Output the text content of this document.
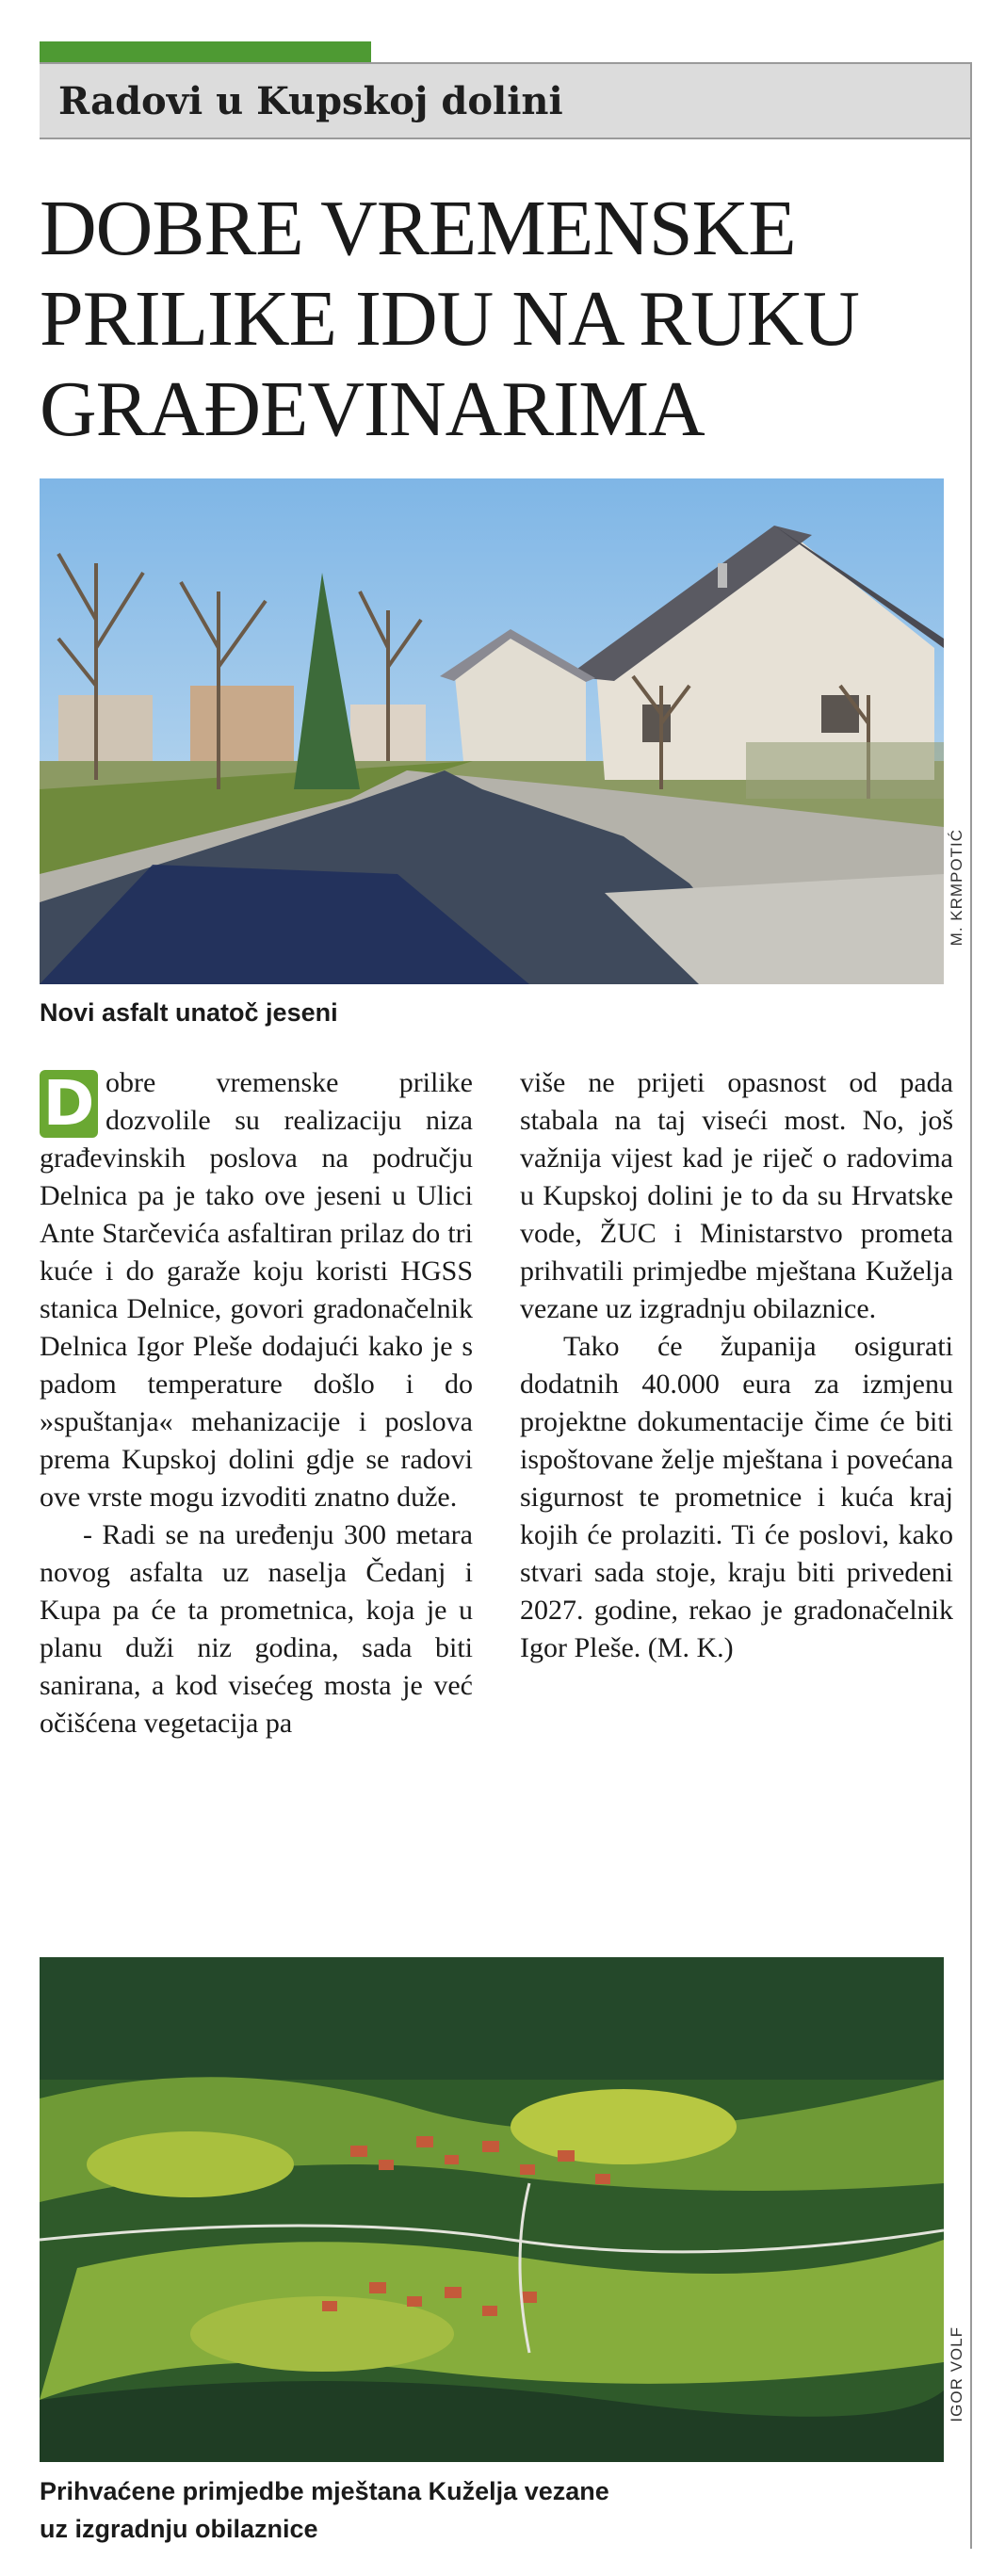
Radovi u Kupskoj dolini
DOBRE VREMENSKE
PRILIKE IDU NA RUKU
GRAĐEVINARIMA
M. KRMPOTIĆ

Novi asfalt unatoč jeseni

D obre vremenske prilike dozvolile su realizaciju niza građevinskih poslova na području Delnica pa je tako ove jeseni u Ulici Ante Starčevića asfaltiran prilaz do tri kuće i do garaže koju koristi HGSS stanica Delnice, govori gradonačelnik Delnica Igor Pleše dodajući kako je s padom temperature došlo i do »spuštanja« mehanizacije i poslova prema Kupskoj dolini gdje se radovi ove vrste mogu izvoditi znatno duže.

- Radi se na uređenju 300 metara novog asfalta uz naselja Čedanj i Kupa pa će ta prometnica, koja je u planu duži niz godina, sada biti sanirana, a kod visećeg mosta je već očišćena vegetacija pa

više ne prijeti opasnost od pada stabala na taj viseći most. No, još važnija vijest kad je riječ o radovima u Kupskoj dolini je to da su Hrvatske vode, ŽUC i Ministarstvo prometa prihvatili primjedbe mještana Kuželja vezane uz izgradnju obilaznice.

Tako će županija osigurati dodatnih 40.000 eura za izmjenu projektne dokumentacije čime će biti ispoštovane želje mještana i povećana sigurnost te prometnice i kuća kraj kojih će prolaziti. Ti će poslovi, kako stvari sada stoje, kraju biti privedeni 2027. godine, rekao je gradonačelnik Igor Pleše. (M. K.)

IGOR VOLF

Prihvaćene primjedbe mještana Kuželja vezane
uz izgradnju obilaznice
